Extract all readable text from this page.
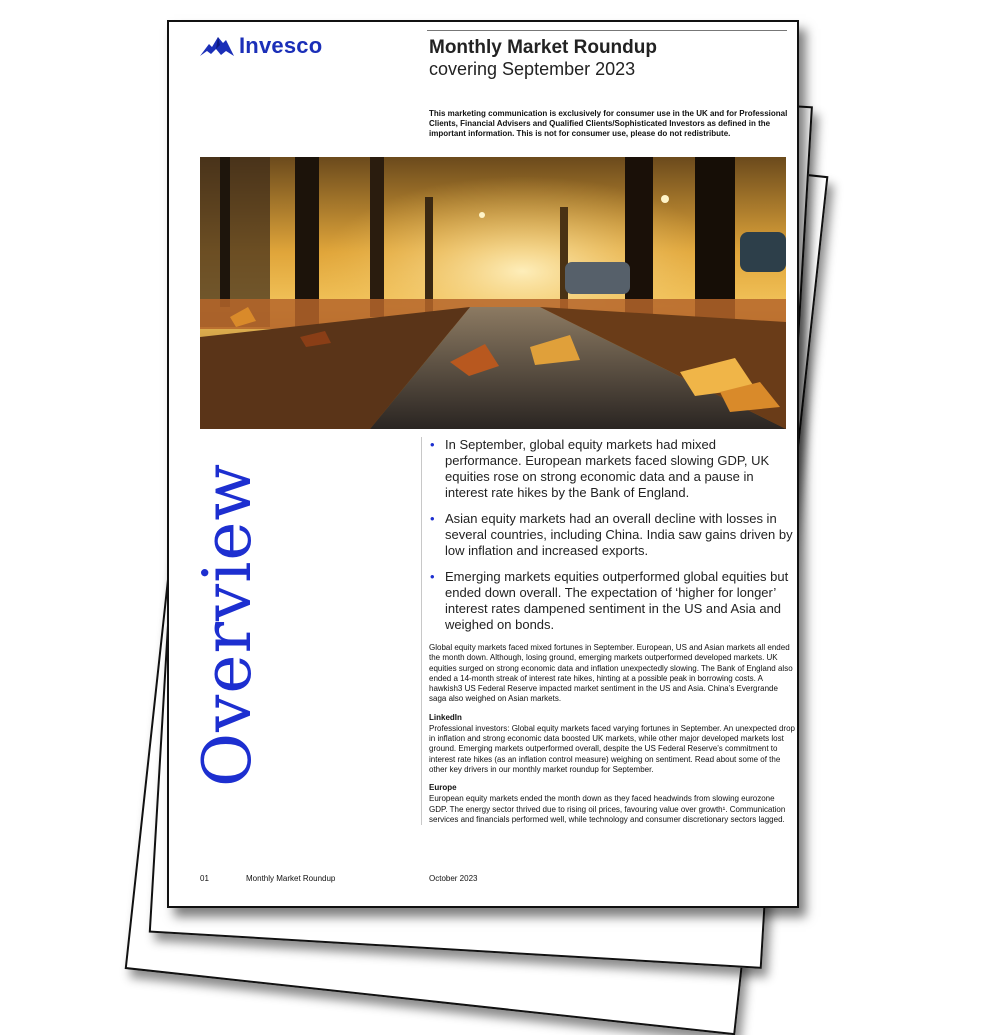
Invesco	Monthly Market Roundup
covering September 2023
This marketing communication is exclusively for consumer use in the UK and for Professional Clients, Financial Advisers and Qualified Clients/Sophisticated Investors as defined in the important information. This is not for consumer use, please do not redistribute.
Overview
• In September, global equity markets had mixed performance. European markets faced slowing GDP, UK equities rose on strong economic data and a pause in interest rate hikes by the Bank of England.
• Asian equity markets had an overall decline with losses in several countries, including China. India saw gains driven by low inflation and increased exports.
• Emerging markets equities outperformed global equities but ended down overall. The expectation of ‘higher for longer’ interest rates dampened sentiment in the US and Asia and weighed on bonds.

Global equity markets faced mixed fortunes in September. European, US and Asian markets all ended the month down. Although, losing ground, emerging markets outperformed developed markets. UK equities surged on strong economic data and inflation unexpectedly slowing. The Bank of England also ended a 14-month streak of interest rate hikes, hinting at a possible peak in borrowing costs. A hawkish3 US Federal Reserve impacted market sentiment in the US and Asia. China’s Evergrande saga also weighed on Asian markets.

LinkedIn

Professional investors: Global equity markets faced varying fortunes in September. An unexpected drop in inflation and strong economic data boosted UK markets, while other major developed markets lost ground. Emerging markets outperformed overall, despite the US Federal Reserve’s commitment to interest rate hikes (as an inflation control measure) weighing on sentiment. Read about some of the other key drivers in our monthly market roundup for September.

Europe

European equity markets ended the month down as they faced headwinds from slowing eurozone GDP. The energy sector thrived due to rising oil prices, favouring value over growth¹. Communication services and financials performed well, while technology and consumer discretionary sectors lagged.

01	Monthly Market Roundup	October 2023
